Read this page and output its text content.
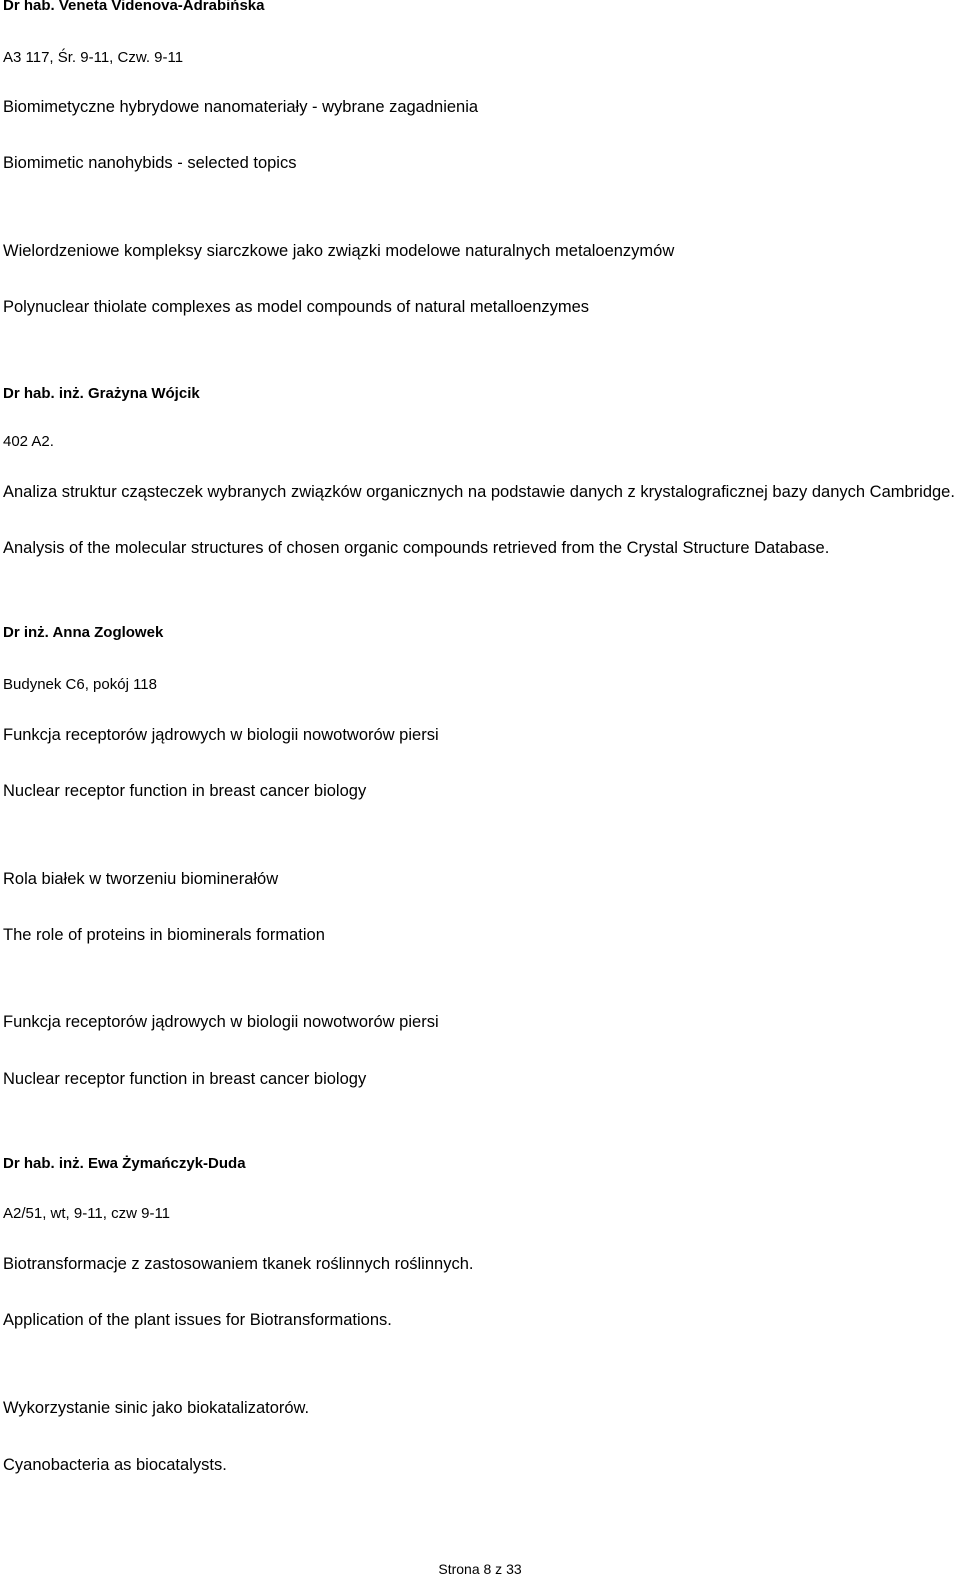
Dr hab. Veneta Videnova-Adrabińska
A3 117, Śr. 9-11, Czw. 9-11
Biomimetyczne hybrydowe nanomateriały - wybrane zagadnienia
Biomimetic nanohybids - selected topics
Wielordzeniowe kompleksy siarczkowe jako związki modelowe naturalnych metaloenzymów
Polynuclear thiolate complexes as model compounds of natural metalloenzymes
Dr hab. inż. Grażyna Wójcik
402 A2.
Analiza struktur cząsteczek wybranych związków organicznych na podstawie danych z krystalograficznej bazy danych Cambridge.
Analysis of the molecular structures of chosen organic compounds retrieved from the Crystal Structure Database.
Dr inż. Anna Zoglowek
Budynek C6, pokój 118
Funkcja receptorów jądrowych w biologii nowotworów piersi
Nuclear receptor function in breast cancer biology
Rola białek w tworzeniu biominerałów
The role of proteins in biominerals formation
Funkcja receptorów jądrowych w biologii nowotworów piersi
Nuclear receptor function in breast cancer biology
Dr hab. inż. Ewa Żymańczyk-Duda
A2/51, wt, 9-11, czw 9-11
Biotransformacje z zastosowaniem tkanek roślinnych roślinnych.
Application of the plant issues for Biotransformations.
Wykorzystanie sinic jako biokatalizatorów.
Cyanobacteria as biocatalysts.
Strona 8 z 33
